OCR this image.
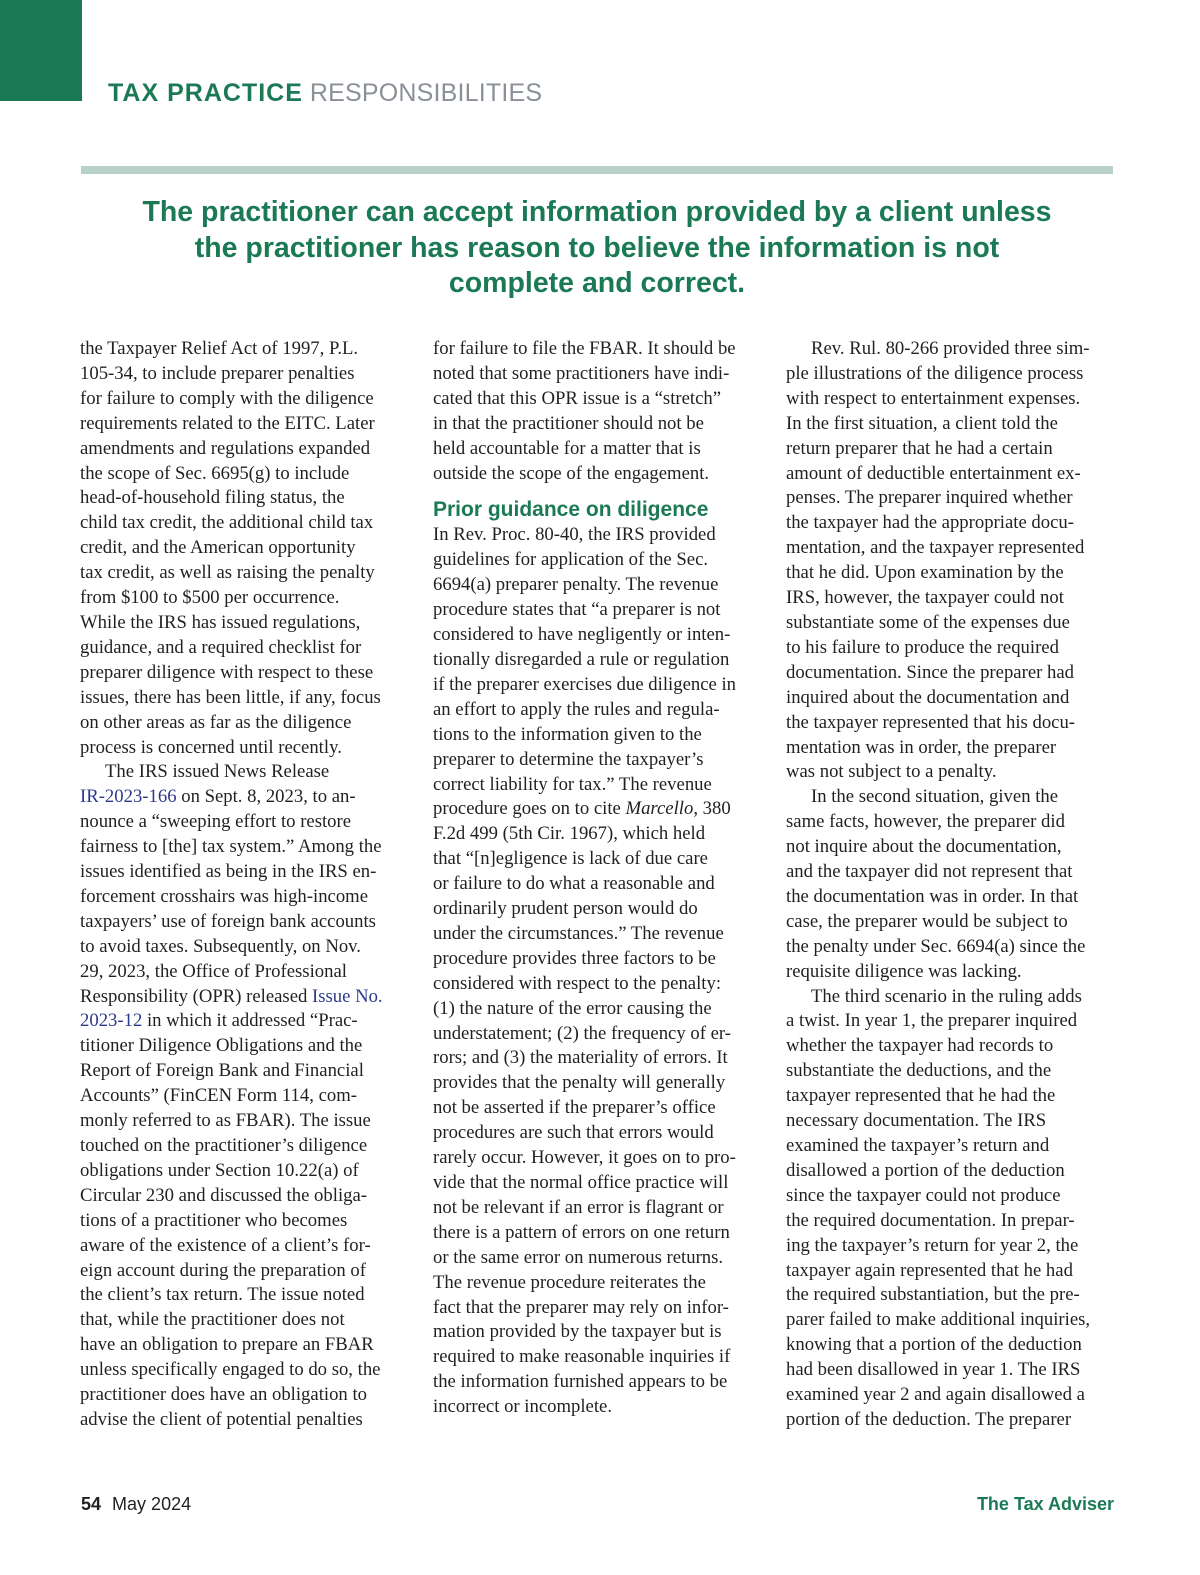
TAX PRACTICE RESPONSIBILITIES

The practitioner can accept information provided by a client unless
the practitioner has reason to believe the information is not
complete and correct.

the Taxpayer Relief Act of 1997, P.L.
105-34, to include preparer penalties
for failure to comply with the diligence
requirements related to the EITC. Later
amendments and regulations expanded
the scope of Sec. 6695(g) to include
head-of-household filing status, the
child tax credit, the additional child tax
credit, and the American opportunity
tax credit, as well as raising the penalty
from $100 to $500 per occurrence.
While the IRS has issued regulations,
guidance, and a required checklist for
preparer diligence with respect to these
issues, there has been little, if any, focus
on other areas as far as the diligence
process is concerned until recently.

The IRS issued News Release
IR-2023-166 on Sept. 8, 2023, to an-
nounce a “sweeping effort to restore
fairness to [the] tax system.” Among the
issues identified as being in the IRS en-
forcement crosshairs was high-income
taxpayers’ use of foreign bank accounts
to avoid taxes. Subsequently, on Nov.
29, 2023, the Office of Professional
Responsibility (OPR) released Issue No.
2023-12 in which it addressed “Prac-
titioner Diligence Obligations and the
Report of Foreign Bank and Financial
Accounts” (FinCEN Form 114, com-
monly referred to as FBAR). The issue
touched on the practitioner’s diligence
obligations under Section 10.22(a) of
Circular 230 and discussed the obliga-
tions of a practitioner who becomes
aware of the existence of a client’s for-
eign account during the preparation of
the client’s tax return. The issue noted
that, while the practitioner does not
have an obligation to prepare an FBAR
unless specifically engaged to do so, the
practitioner does have an obligation to
advise the client of potential penalties

for failure to file the FBAR. It should be
noted that some practitioners have indi-
cated that this OPR issue is a “stretch”
in that the practitioner should not be
held accountable for a matter that is
outside the scope of the engagement.

Prior guidance on diligence

In Rev. Proc. 80-40, the IRS provided
guidelines for application of the Sec.
6694(a) preparer penalty. The revenue
procedure states that “a preparer is not
considered to have negligently or inten-
tionally disregarded a rule or regulation
if the preparer exercises due diligence in
an effort to apply the rules and regula-
tions to the information given to the
preparer to determine the taxpayer’s
correct liability for tax.” The revenue
procedure goes on to cite Marcello, 380
F.2d 499 (5th Cir. 1967), which held
that “[n]egligence is lack of due care
or failure to do what a reasonable and
ordinarily prudent person would do
under the circumstances.” The revenue
procedure provides three factors to be
considered with respect to the penalty:
(1) the nature of the error causing the
understatement; (2) the frequency of er-
rors; and (3) the materiality of errors. It
provides that the penalty will generally
not be asserted if the preparer’s office
procedures are such that errors would
rarely occur. However, it goes on to pro-
vide that the normal office practice will
not be relevant if an error is flagrant or
there is a pattern of errors on one return
or the same error on numerous returns.
The revenue procedure reiterates the
fact that the preparer may rely on infor-
mation provided by the taxpayer but is
required to make reasonable inquiries if
the information furnished appears to be
incorrect or incomplete.

Rev. Rul. 80-266 provided three sim-
ple illustrations of the diligence process
with respect to entertainment expenses.
In the first situation, a client told the
return preparer that he had a certain
amount of deductible entertainment ex-
penses. The preparer inquired whether
the taxpayer had the appropriate docu-
mentation, and the taxpayer represented
that he did. Upon examination by the
IRS, however, the taxpayer could not
substantiate some of the expenses due
to his failure to produce the required
documentation. Since the preparer had
inquired about the documentation and
the taxpayer represented that his docu-
mentation was in order, the preparer
was not subject to a penalty.

In the second situation, given the
same facts, however, the preparer did
not inquire about the documentation,
and the taxpayer did not represent that
the documentation was in order. In that
case, the preparer would be subject to
the penalty under Sec. 6694(a) since the
requisite diligence was lacking.

The third scenario in the ruling adds
a twist. In year 1, the preparer inquired
whether the taxpayer had records to
substantiate the deductions, and the
taxpayer represented that he had the
necessary documentation. The IRS
examined the taxpayer’s return and
disallowed a portion of the deduction
since the taxpayer could not produce
the required documentation. In prepar-
ing the taxpayer’s return for year 2, the
taxpayer again represented that he had
the required substantiation, but the pre-
parer failed to make additional inquiries,
knowing that a portion of the deduction
had been disallowed in year 1. The IRS
examined year 2 and again disallowed a
portion of the deduction. The preparer

54 May 2024	The Tax Adviser
